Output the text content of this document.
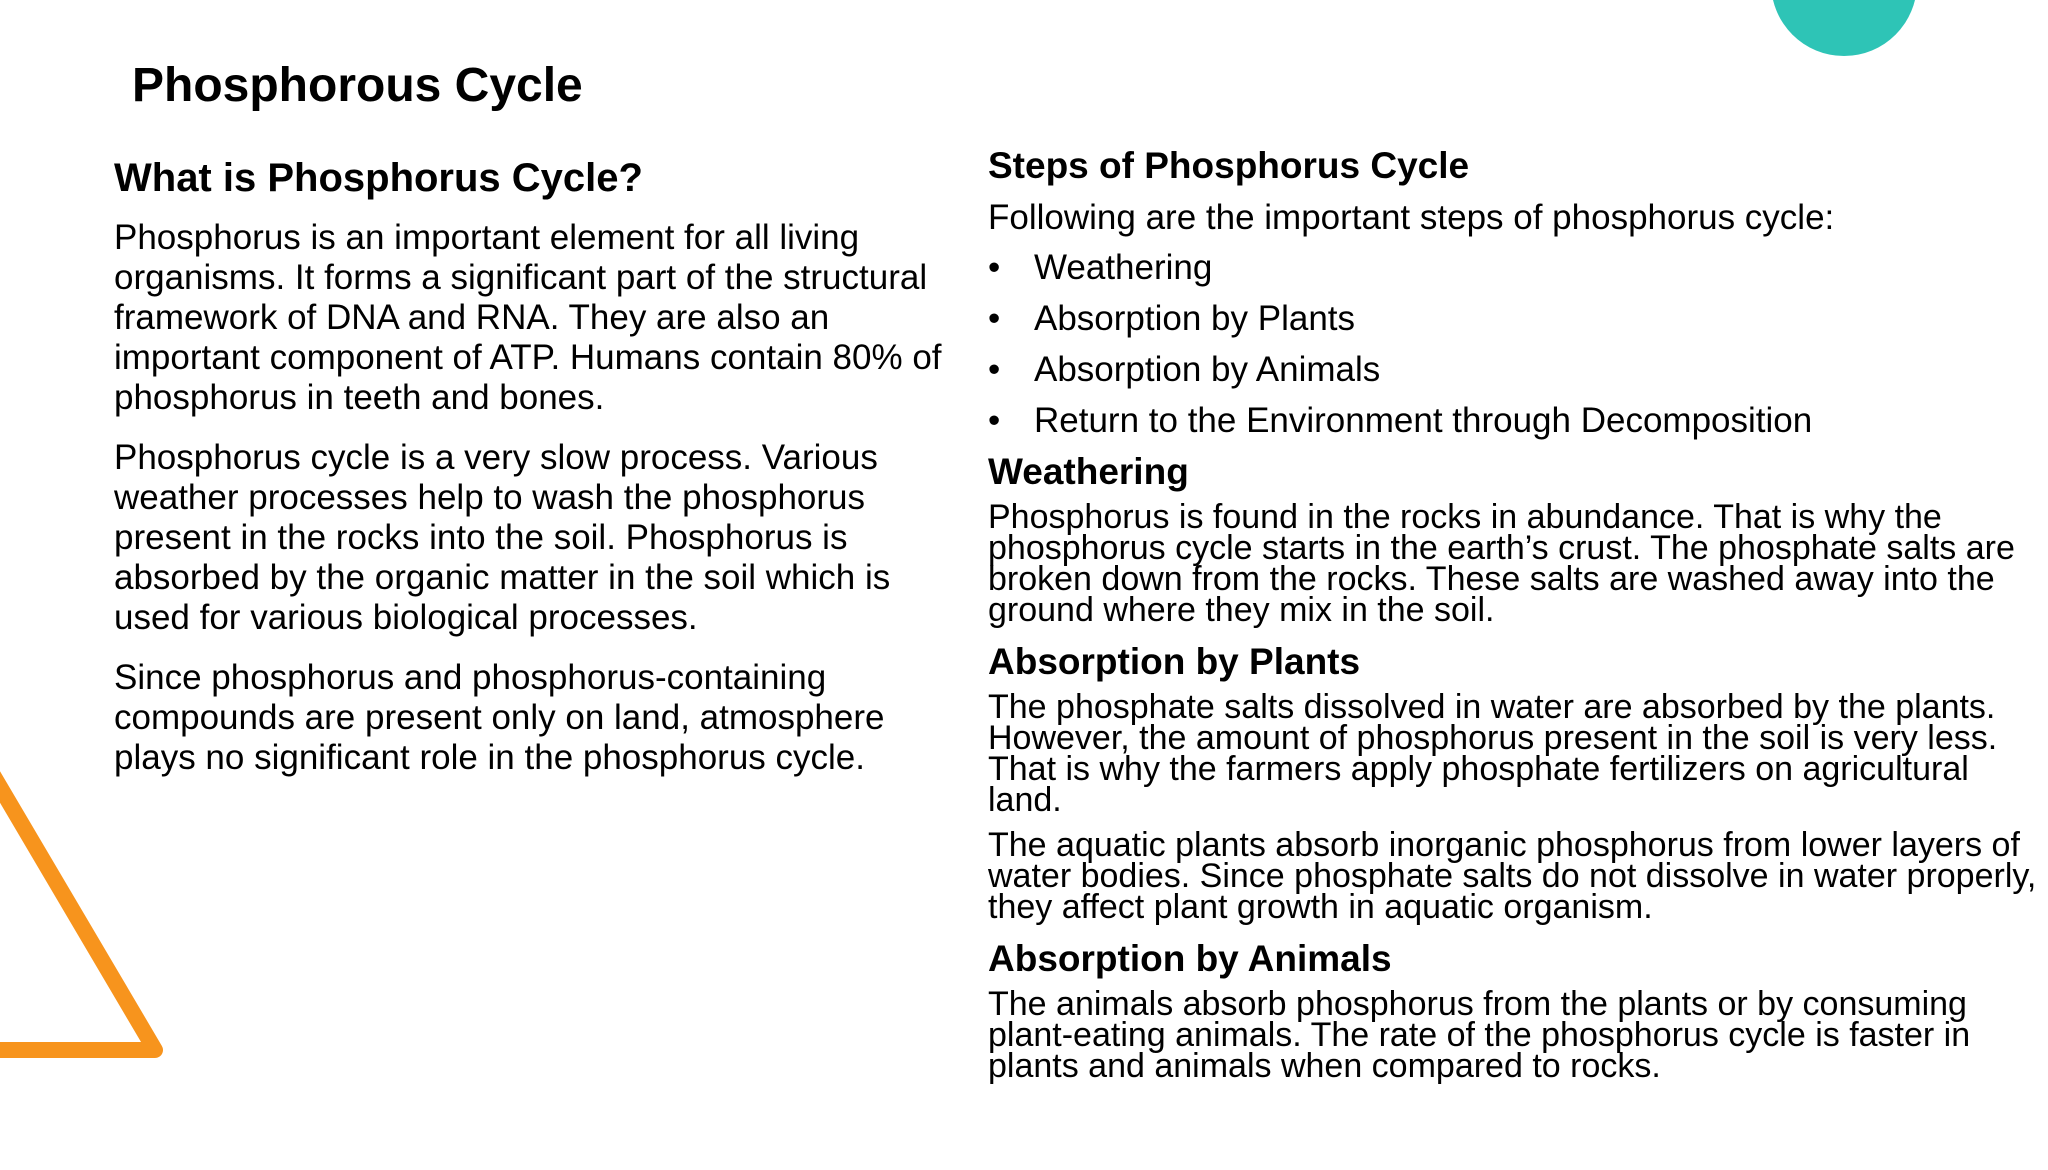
Phosphorous Cycle
What is Phosphorus Cycle?

Phosphorus is an important element for all living organisms. It forms a significant part of the structural framework of DNA and RNA. They are also an important component of ATP. Humans contain 80% of phosphorus in teeth and bones.

Phosphorus cycle is a very slow process. Various weather processes help to wash the phosphorus present in the rocks into the soil. Phosphorus is absorbed by the organic matter in the soil which is used for various biological processes.

Since phosphorus and phosphorus-containing compounds are present only on land, atmosphere plays no significant role in the phosphorus cycle.

Steps of Phosphorus Cycle

Following are the important steps of phosphorus cycle:

• Weathering
• Absorption by Plants
• Absorption by Animals
• Return to the Environment through Decomposition
Weathering

Phosphorus is found in the rocks in abundance. That is why the phosphorus cycle starts in the earth’s crust. The phosphate salts are broken down from the rocks. These salts are washed away into the ground where they mix in the soil.

Absorption by Plants

The phosphate salts dissolved in water are absorbed by the plants. However, the amount of phosphorus present in the soil is very less. That is why the farmers apply phosphate fertilizers on agricultural land.

The aquatic plants absorb inorganic phosphorus from lower layers of water bodies. Since phosphate salts do not dissolve in water properly, they affect plant growth in aquatic organism.

Absorption by Animals

The animals absorb phosphorus from the plants or by consuming plant-eating animals. The rate of the phosphorus cycle is faster in plants and animals when compared to rocks.
